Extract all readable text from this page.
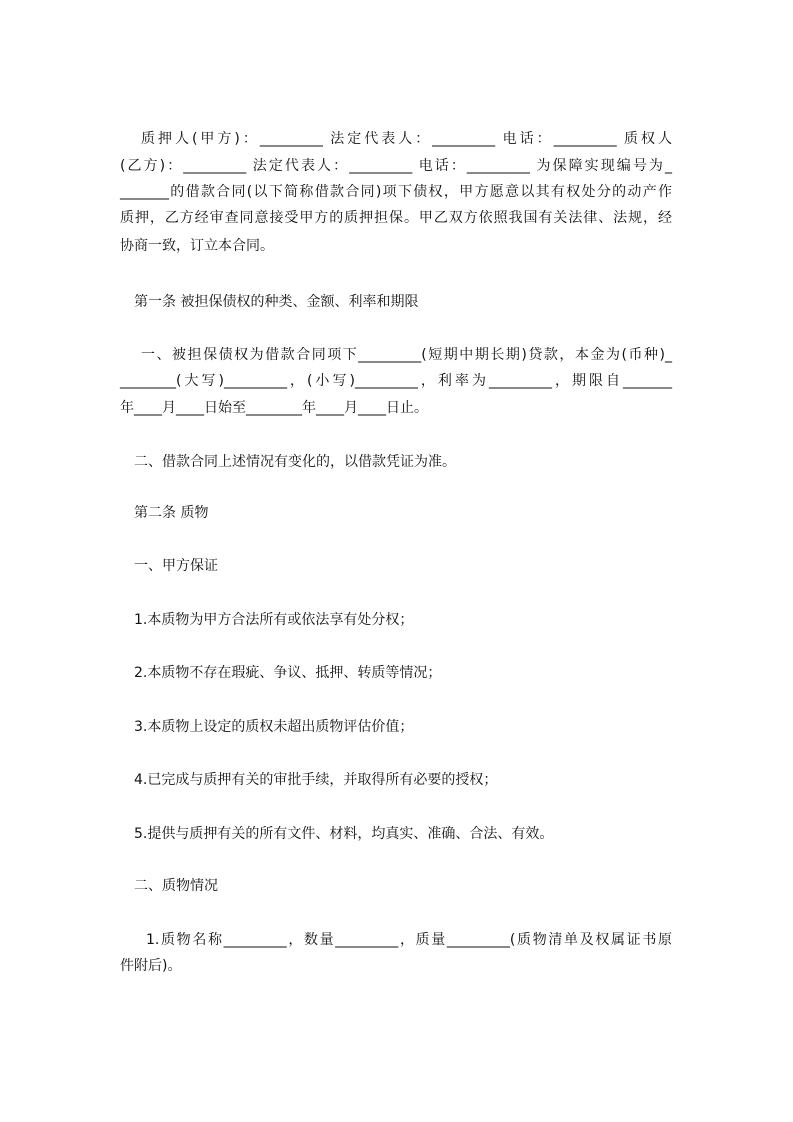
质押人(甲方)：_________ 法定代表人：_________ 电话：_________ 质权人
(乙方)：_________ 法定代表人：_________ 电话：_________ 为保障实现编号为_
_______的借款合同(以下简称借款合同)项下债权，甲方愿意以其有权处分的动产作
质押，乙方经审查同意接受甲方的质押担保。甲乙双方依照我国有关法律、法规，经
协商一致，订立本合同。
第一条 被担保债权的种类、金额、利率和期限
一、被担保债权为借款合同项下_________(短期中期长期)贷款，本金为(币种)_
________(大写)_________，(小写)_________，利率为_________，期限自_______
年____月____日始至________年____月____日止。
二、借款合同上述情况有变化的，以借款凭证为准。
第二条 质物
一、甲方保证
1.本质物为甲方合法所有或依法享有处分权；
2.本质物不存在瑕疵、争议、抵押、转质等情况；
3.本质物上设定的质权未超出质物评估价值；
4.已完成与质押有关的审批手续，并取得所有必要的授权；
5.提供与质押有关的所有文件、材料，均真实、准确、合法、有效。
二、质物情况
1.质物名称_________，数量_________，质量_________(质物清单及权属证书原
件附后)。
